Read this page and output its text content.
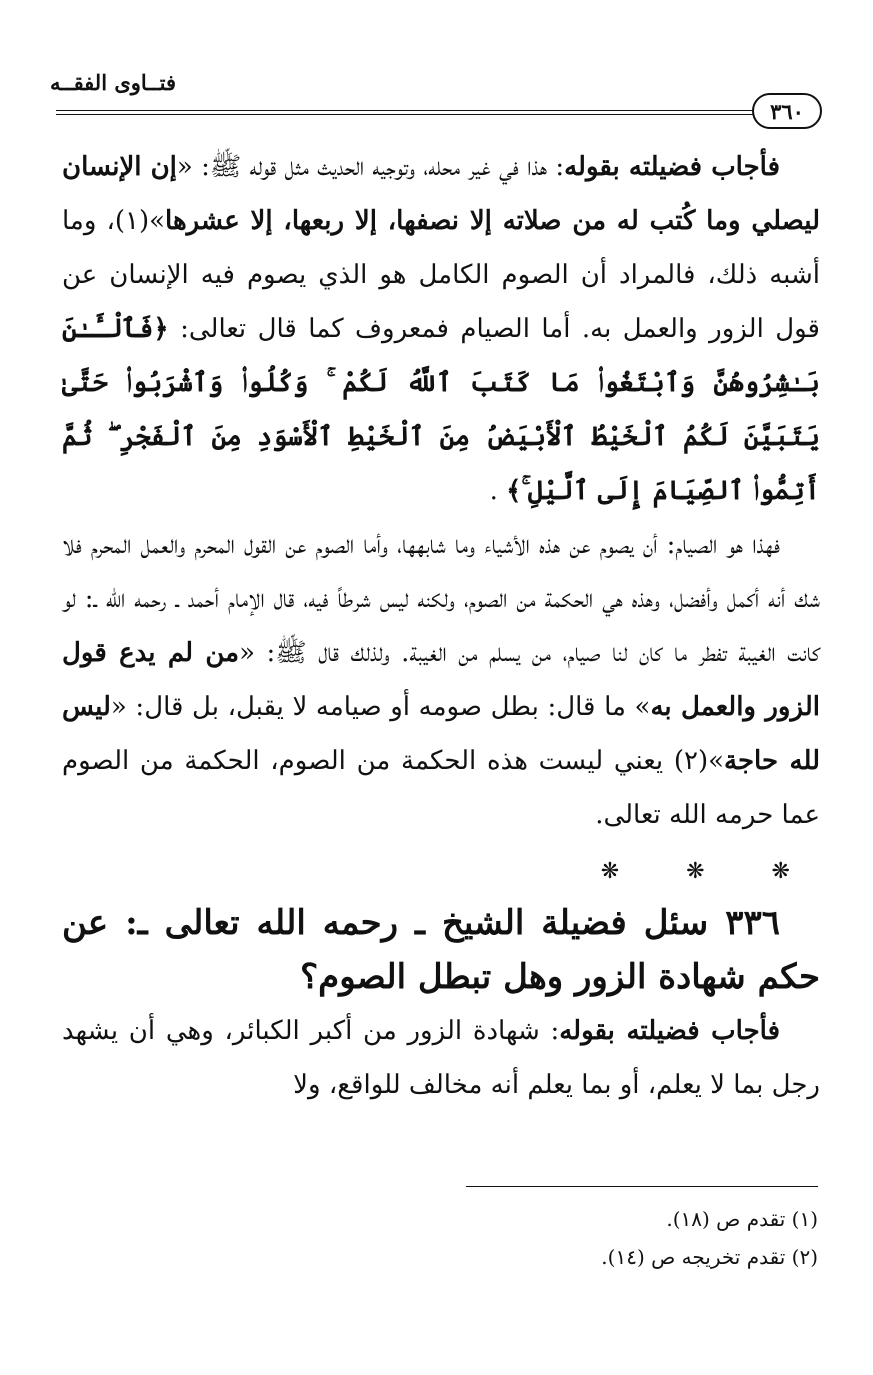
فتــاوى الفقــه
٣٦٠

فأجاب فضيلته بقوله: هذا في غير محله، وتوجيه الحديث مثل قوله ﷺ: «إن الإنسان ليصلي وما كُتب له من صلاته إلا نصفها، إلا ربعها، إلا عشرها»(١)، وما أشبه ذلك، فالمراد أن الصوم الكامل هو الذي يصوم فيه الإنسان عن قول الزور والعمل به. أما الصيام فمعروف كما قال تعالى: ﴿فَٱلْـَٔـٰنَ بَـٰشِرُوهُنَّ وَٱبْتَغُوا۟ مَا كَتَبَ ٱللَّهُ لَكُمْ ۚ وَكُلُوا۟ وَٱشْرَبُوا۟ حَتَّىٰ يَتَبَيَّنَ لَكُمُ ٱلْخَيْطُ ٱلْأَبْيَضُ مِنَ ٱلْخَيْطِ ٱلْأَسْوَدِ مِنَ ٱلْفَجْرِ ۖ ثُمَّ أَتِمُّوا۟ ٱلصِّيَامَ إِلَى ٱلَّيْلِ ۚ﴾ .

فهذا هو الصيام: أن يصوم عن هذه الأشياء وما شابهها، وأما الصوم عن القول المحرم والعمل المحرم فلا شك أنه أكمل وأفضل، وهذه هي الحكمة من الصوم، ولكنه ليس شرطاً فيه، قال الإمام أحمد ـ رحمه الله ـ: لو كانت الغيبة تفطر ما كان لنا صيام، من يسلم من الغيبة. ولذلك قال ﷺ: «من لم يدع قول الزور والعمل به» ما قال: بطل صومه أو صيامه لا يقبل، بل قال: «ليس لله حاجة»(٢) يعني ليست هذه الحكمة من الصوم، الحكمة من الصوم عما حرمه الله تعالى.

❋ ❋ ❋

٣٣٦ سئل فضيلة الشيخ ـ رحمه الله تعالى ـ: عن حكم شهادة الزور وهل تبطل الصوم؟

فأجاب فضيلته بقوله: شهادة الزور من أكبر الكبائر، وهي أن يشهد رجل بما لا يعلم، أو بما يعلم أنه مخالف للواقع، ولا

(١) تقدم ص (١٨).
(٢) تقدم تخريجه ص (١٤).
